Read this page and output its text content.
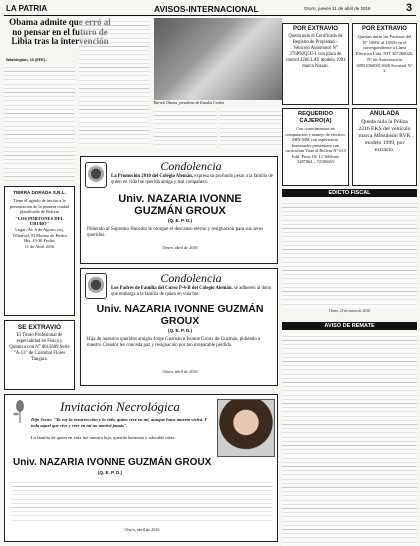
LA PATRIA	AVISOS-INTERNACIONAL	Oruro, jueves 11 de abril de 2016	3
Obama admite que erró al no pensar en el futuro de Libia tras la intervención
Washington, 10 (EFE).-
Barack Obama, presidente de Estados Unidos
TIERRA DORADA S.R.L.
Tiene el agrado de invitar a la presentación de la primera ciudad planificada de Bolivia
"LOS PORTONES DEL URUBÓ"
Lugar: Av. 6 de Agosto esq. Villarroel, El Molino de Piedra
Hrs. 19:30 Fecha:
11 de Abril 2016
SE EXTRAVIÓ
El Título Profesional de especialidad en Física y Química con N° 0015609 Serie "A-13" de Cristobal Flores Tangara.
POR EXTRAVIO
Queda nulo el Certificado de Registro de Propiedad – Vehículo Automotor N° 376P90Q5U-1 con placa de control 1266 LAY modelo 1991 marca Nissan.
POR EXTRAVIO
Quedan nulas las Facturas del N° 10001 al 10500 en el correspondiente a Línea Eléctrica Ltda. NIT 307260026, N° de Autorización 389510600011668 Sucursal N° 2
REQUERIDO CAJERO(A)
Con conocimientos en computación y manejo de efectivo. MIN-MM con experiencia. Interesados presentarse con currículum Vitae al Bolívar N° 613 Edif. Pisos Of. 13 Teléfono 5287064 – 72100663
ANULADA
Queda nula la Póliza 2216 EKS del vehículo marca Mitsubishi RVR modelo 1999, por extravío.
EDICTO FISCAL
Oruro, 21 de marzo de 2016
AVISO DE REMATE
Condolencia
La Promoción 2010 del Colegio Alemán, expresa su profundo pesar a la familia de quien en vida fue querida amiga y leal compañera:
Univ. NAZARIA IVONNE
GUZMÁN GROUX
(Q. E. P. D.)
Pidiendo al Supremo Hacedor le otorgue el descanso eterno y resignación para sus seres queridos.
Oruro, abril de 2016
Condolencia
Los Padres de Familia del Curso P-4-B del Colegio Alemán, se adhieren al dolor que embarga a la familia de quien en vida fue:
Univ. NAZARIA IVONNE GUZMÁN
GROUX
(Q. E. P. D.)
Hija de nuestros queridos amigos Jorge Guzmán e Ivonne Groux de Guzmán, pidiendo a nuestro Creador les conceda paz y resignación por tan irreparable pérdida.
Oruro, abril de 2016
Invitación Necrológica
Dijo Jesús: "Yo soy la resurrección y la vida, quien cree en mí, aunque haya muerto vivirá. Y todo aquel que vive y cree en mí no morirá jamás".
La familia de quien en vida fue nuestra hija, querida hermana y adorable nieta:
Univ. NAZARIA IVONNE GUZMÁN GROUX
(Q. E. P. D.)
Oruro, abril de 2016
